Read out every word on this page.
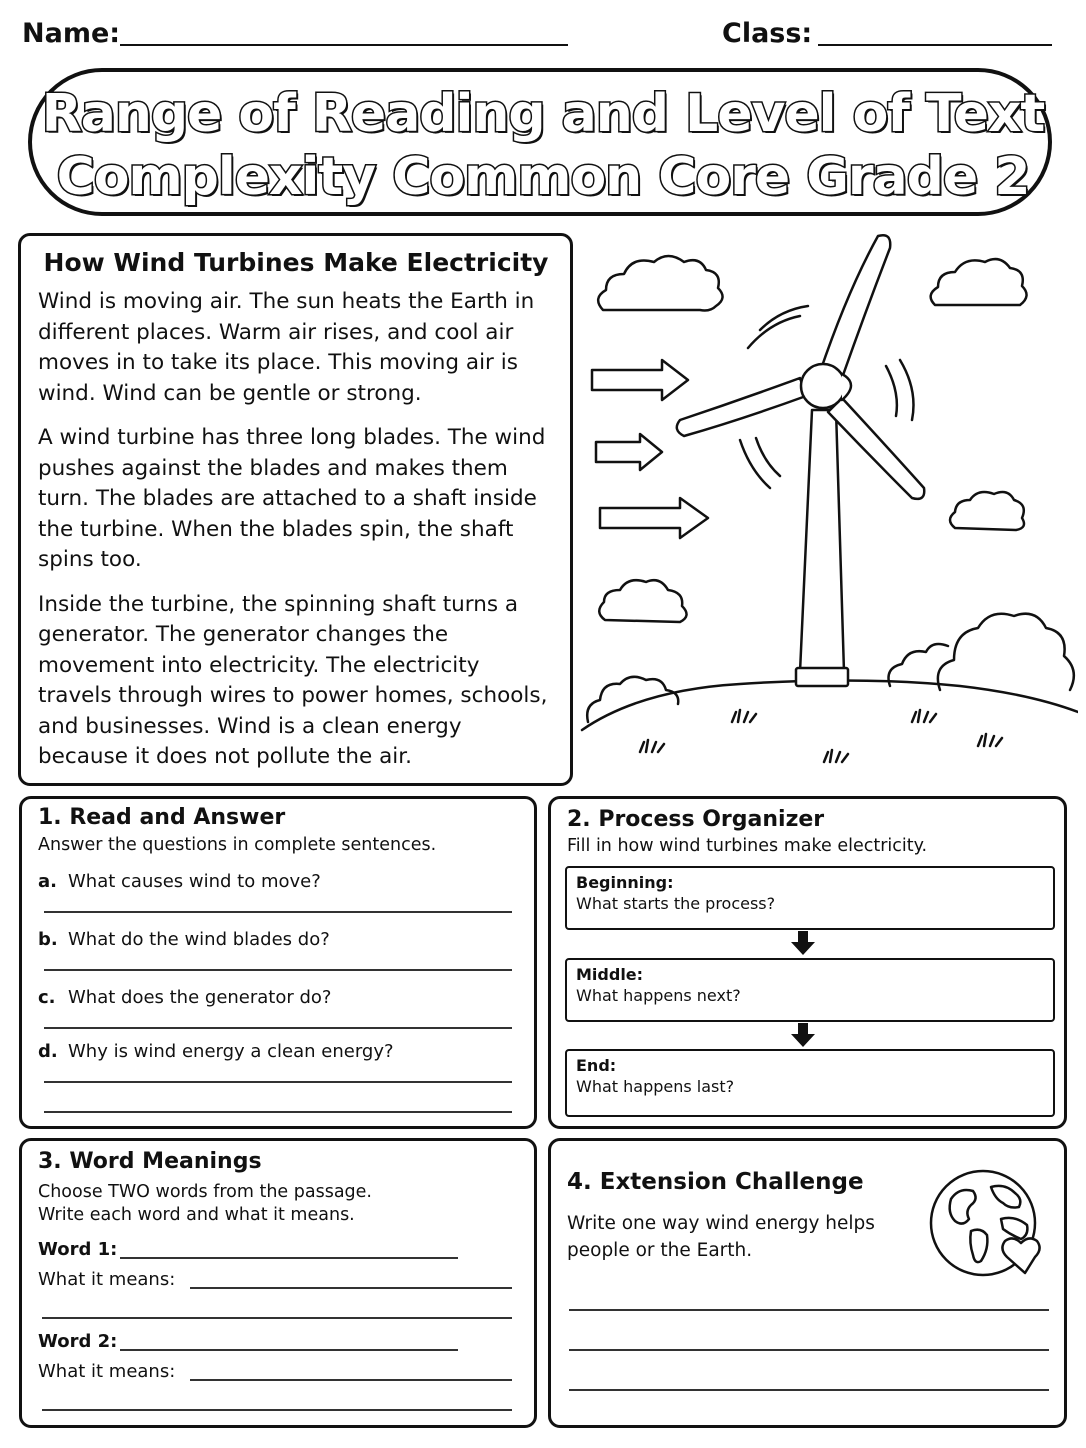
Name:	Class:
Range of Reading and Level of Text
Complexity Common Core Grade 2
How Wind Turbines Make Electricity

Wind is moving air. The sun heats the Earth in different places. Warm air rises, and cool air moves in to take its place. This moving air is wind. Wind can be gentle or strong.

A wind turbine has three long blades. The wind pushes against the blades and makes them turn. The blades are attached to a shaft inside the turbine. When the blades spin, the shaft spins too.

Inside the turbine, the spinning shaft turns a generator. The generator changes the movement into electricity. The electricity travels through wires to power homes, schools, and businesses. Wind is a clean energy because it does not pollute the air.

1. Read and Answer
Answer the questions in complete sentences.
a. What causes wind to move?
b. What do the wind blades do?
c. What does the generator do?
d. Why is wind energy a clean energy?
2. Process Organizer
Fill in how wind turbines make electricity.
Beginning:
What starts the process?
Middle:
What happens next?
End:
What happens last?
3. Word Meanings
Choose TWO words from the passage.
Write each word and what it means.
Word 1:
What it means:
Word 2:
What it means:
4. Extension Challenge
Write one way wind energy helps
people or the Earth.
